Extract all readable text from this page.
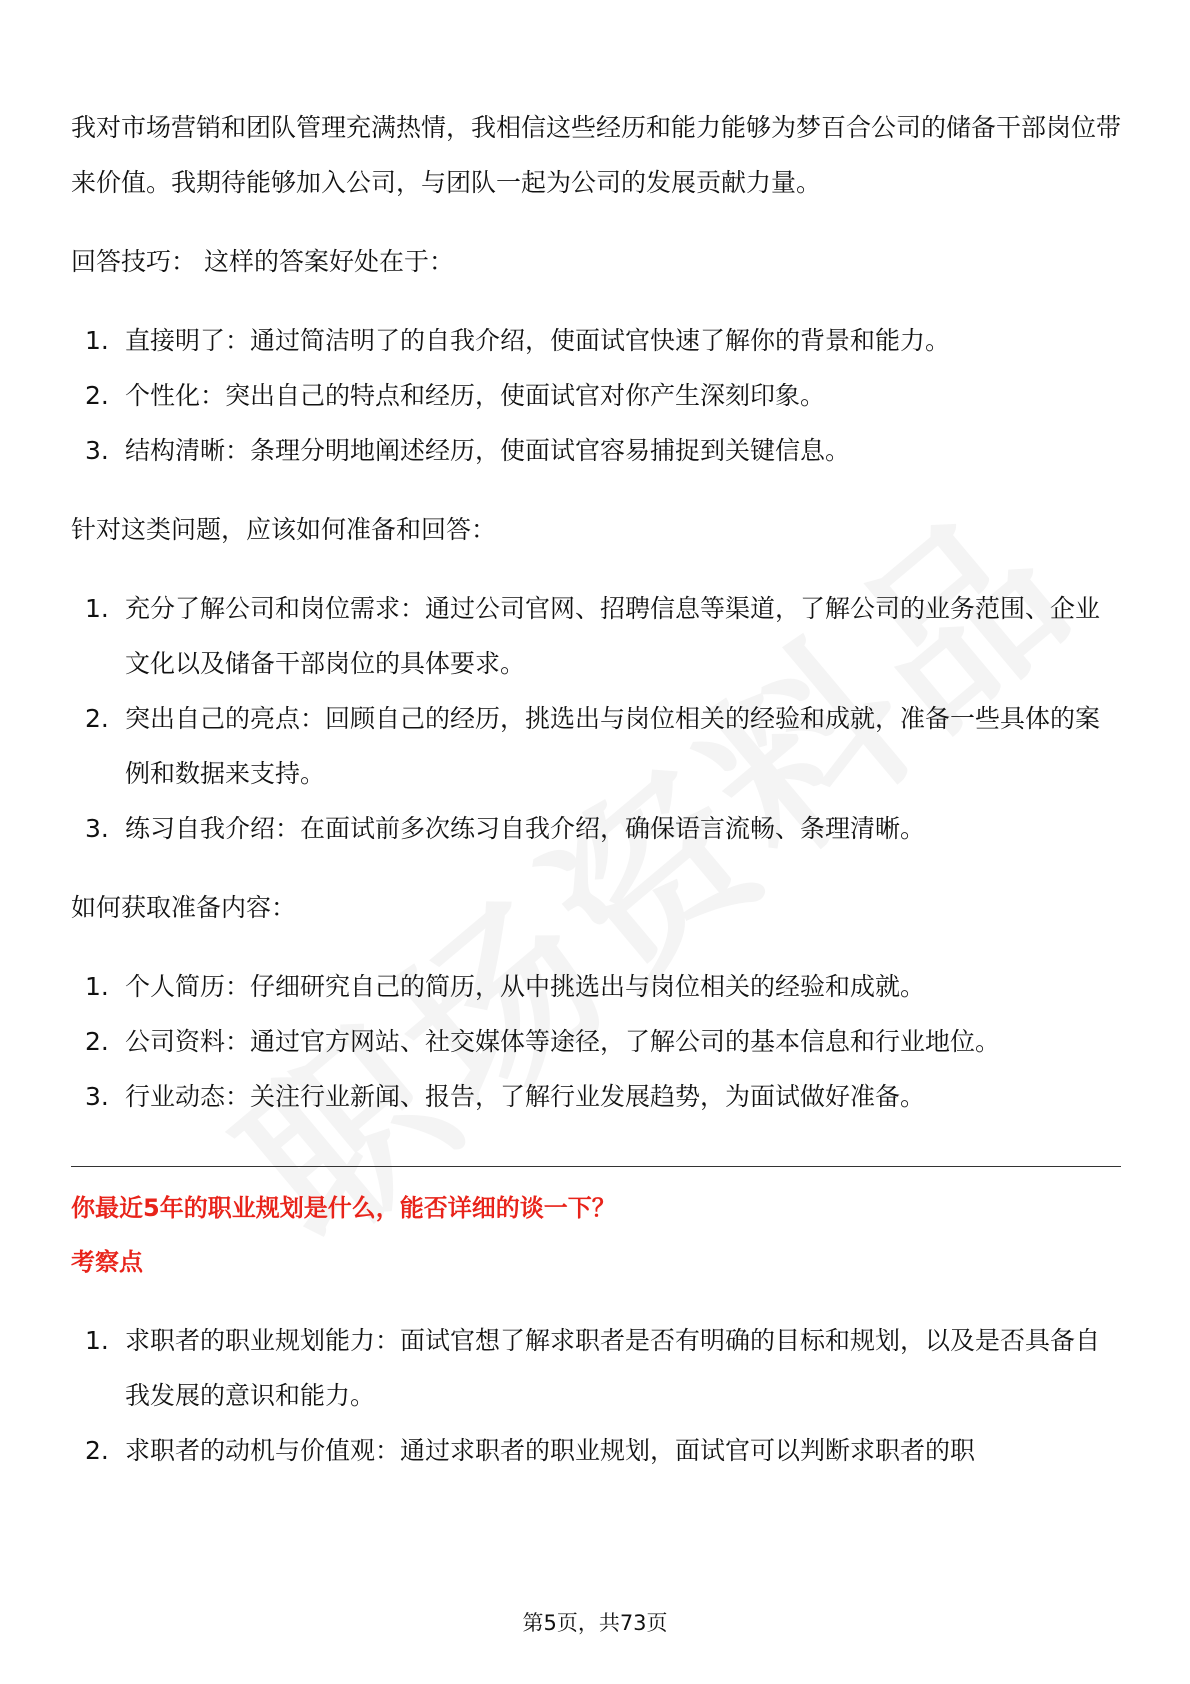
我对市场营销和团队管理充满热情，我相信这些经历和能力能够为梦百合公司的储备干部岗位带来价值。我期待能够加入公司，与团队一起为公司的发展贡献力量。

回答技巧： 这样的答案好处在于：

1. 直接明了：通过简洁明了的自我介绍，使面试官快速了解你的背景和能力。
2. 个性化：突出自己的特点和经历，使面试官对你产生深刻印象。
3. 结构清晰：条理分明地阐述经历，使面试官容易捕捉到关键信息。

针对这类问题，应该如何准备和回答：

1. 充分了解公司和岗位需求：通过公司官网、招聘信息等渠道，了解公司的业务范围、企业文化以及储备干部岗位的具体要求。
2. 突出自己的亮点：回顾自己的经历，挑选出与岗位相关的经验和成就，准备一些具体的案例和数据来支持。
3. 练习自我介绍：在面试前多次练习自我介绍，确保语言流畅、条理清晰。

如何获取准备内容：

1. 个人简历：仔细研究自己的简历，从中挑选出与岗位相关的经验和成就。
2. 公司资料：通过官方网站、社交媒体等途径，了解公司的基本信息和行业地位。
3. 行业动态：关注行业新闻、报告，了解行业发展趋势，为面试做好准备。

你最近5年的职业规划是什么，能否详细的谈一下？

考察点

1. 求职者的职业规划能力：面试官想了解求职者是否有明确的目标和规划，以及是否具备自我发展的意识和能力。
2. 求职者的动机与价值观：通过求职者的职业规划，面试官可以判断求职者的职
第5页，共73页
